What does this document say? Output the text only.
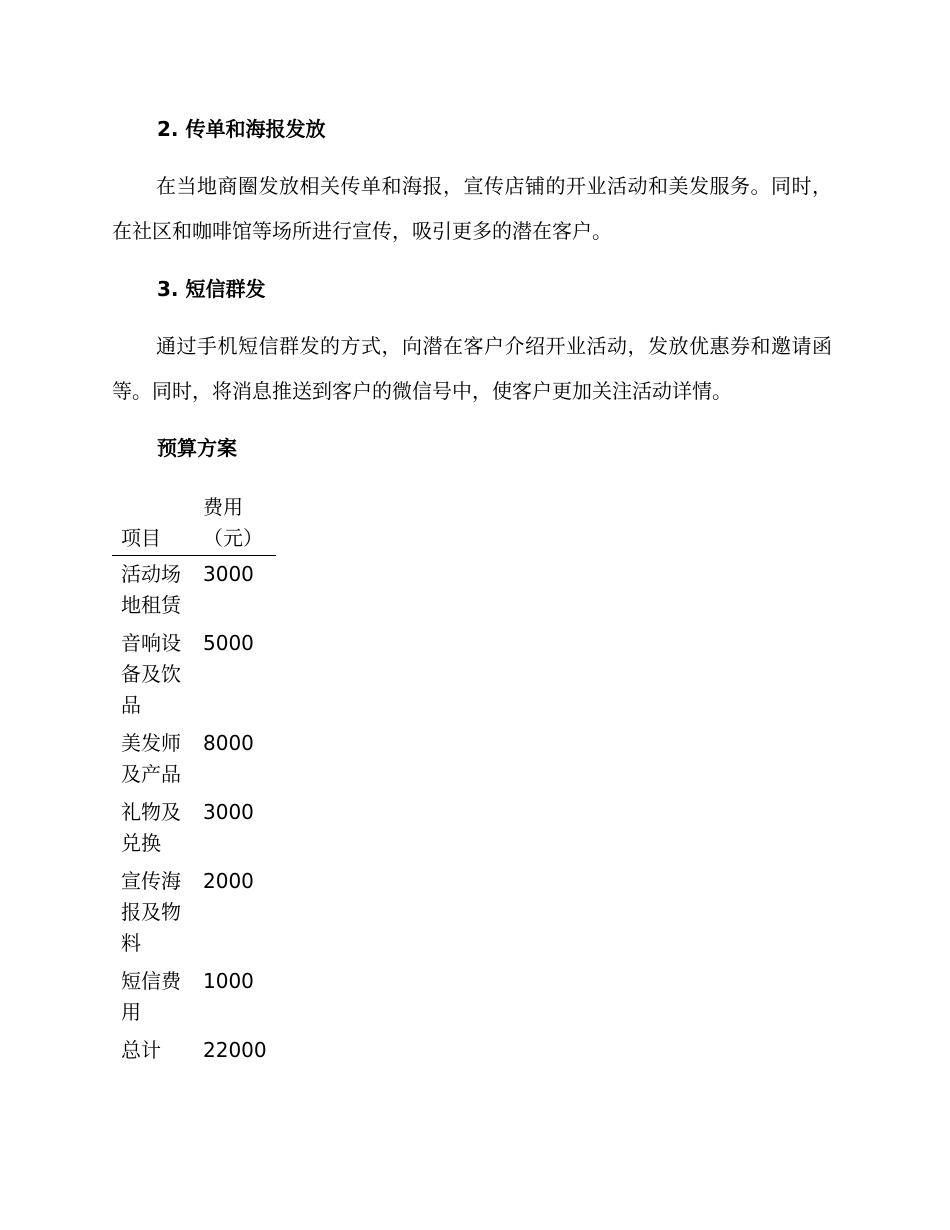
2. 传单和海报发放

在当地商圈发放相关传单和海报，宣传店铺的开业活动和美发服务。同时，在社区和咖啡馆等场所进行宣传，吸引更多的潜在客户。

3. 短信群发

通过手机短信群发的方式，向潜在客户介绍开业活动，发放优惠券和邀请函等。同时，将消息推送到客户的微信号中，使客户更加关注活动详情。

预算方案
项目	费用（元）
活动场地租赁	3000
音响设备及饮品	5000
美发师及产品	8000
礼物及兑换	3000
宣传海报及物料	2000
短信费用	1000
总计	22000
